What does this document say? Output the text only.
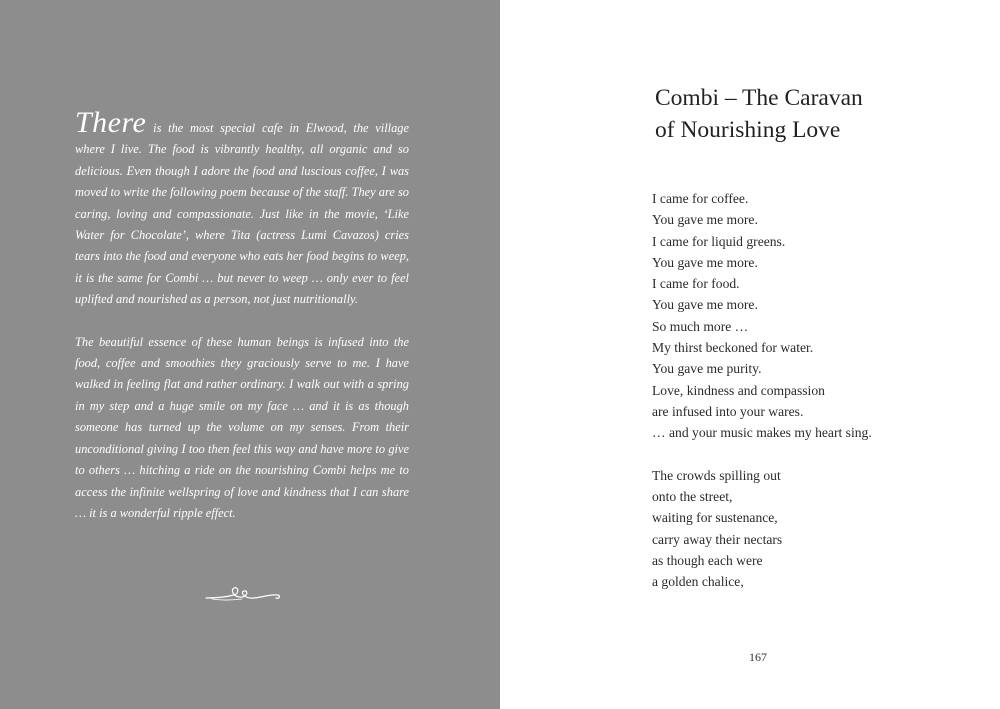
There is the most special cafe in Elwood, the village where I live. The food is vibrantly healthy, all organic and so delicious. Even though I adore the food and luscious coffee, I was moved to write the following poem because of the staff. They are so caring, loving and compassionate. Just like in the movie, ‘Like Water for Chocolate’, where Tita (actress Lumi Cavazos) cries tears into the food and everyone who eats her food begins to weep, it is the same for Combi … but never to weep … only ever to feel uplifted and nourished as a person, not just nutritionally.

The beautiful essence of these human beings is infused into the food, coffee and smoothies they graciously serve to me. I have walked in feeling flat and rather ordinary. I walk out with a spring in my step and a huge smile on my face … and it is as though someone has turned up the volume on my senses. From their unconditional giving I too then feel this way and have more to give to others … hitching a ride on the nourishing Combi helps me to access the infinite wellspring of love and kindness that I can share … it is a wonderful ripple effect.

Combi – The Caravan
of Nourishing Love
I came for coffee.
You gave me more.
I came for liquid greens.
You gave me more.
I came for food.
You gave me more.
So much more …
My thirst beckoned for water.
You gave me purity.
Love, kindness and compassion
are infused into your wares.
… and your music makes my heart sing.
The crowds spilling out
onto the street,
waiting for sustenance,
carry away their nectars
as though each were
a golden chalice,
167
